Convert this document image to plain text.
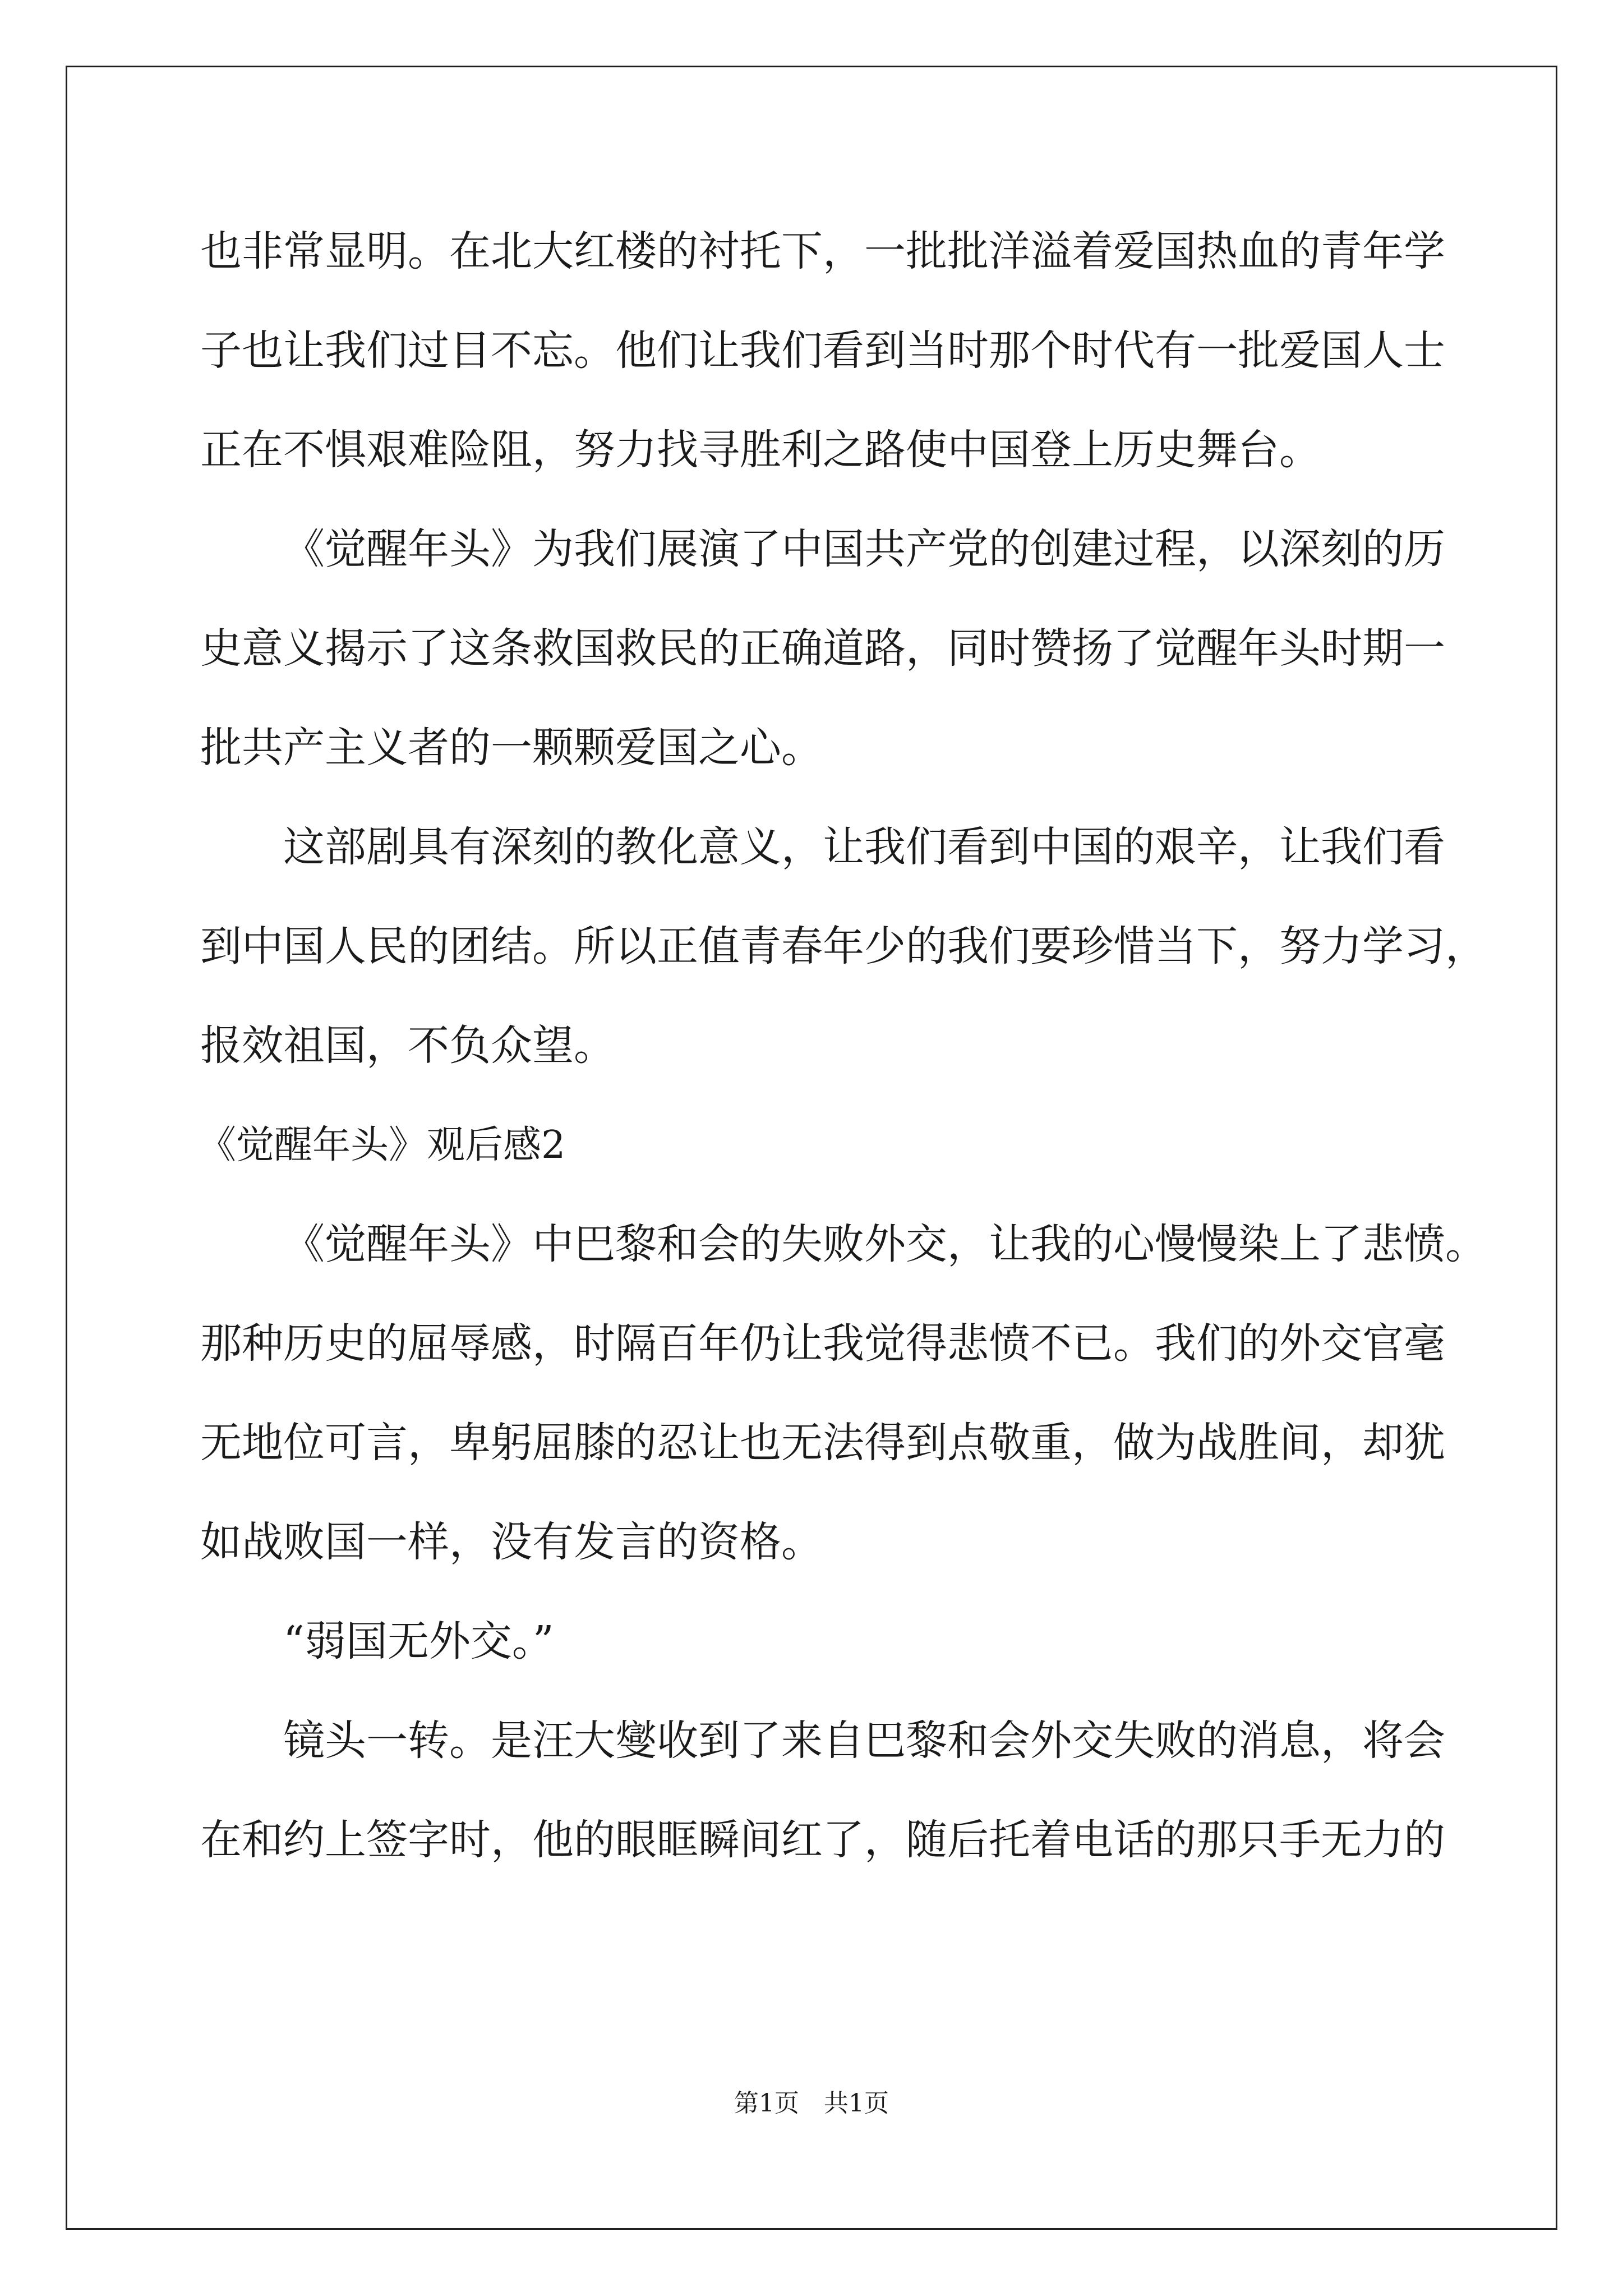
也非常显明。在北大红楼的衬托下，一批批洋溢着爱国热血的青年学
子也让我们过目不忘。他们让我们看到当时那个时代有一批爱国人士
正在不惧艰难险阻，努力找寻胜利之路使中国登上历史舞台。
《觉醒年头》为我们展演了中国共产党的创建过程，以深刻的历
史意义揭示了这条救国救民的正确道路，同时赞扬了觉醒年头时期一
批共产主义者的一颗颗爱国之心。
这部剧具有深刻的教化意义，让我们看到中国的艰辛，让我们看
到中国人民的团结。所以正值青春年少的我们要珍惜当下，努力学习，
报效祖国，不负众望。
《觉醒年头》观后感2
《觉醒年头》中巴黎和会的失败外交，让我的心慢慢染上了悲愤。
那种历史的屈辱感，时隔百年仍让我觉得悲愤不已。我们的外交官毫
无地位可言，卑躬屈膝的忍让也无法得到点敬重，做为战胜间，却犹
如战败国一样，没有发言的资格。
“弱国无外交。”
镜头一转。是汪大燮收到了来自巴黎和会外交失败的消息，将会
在和约上签字时，他的眼眶瞬间红了，随后托着电话的那只手无力的
第1页 共1页
